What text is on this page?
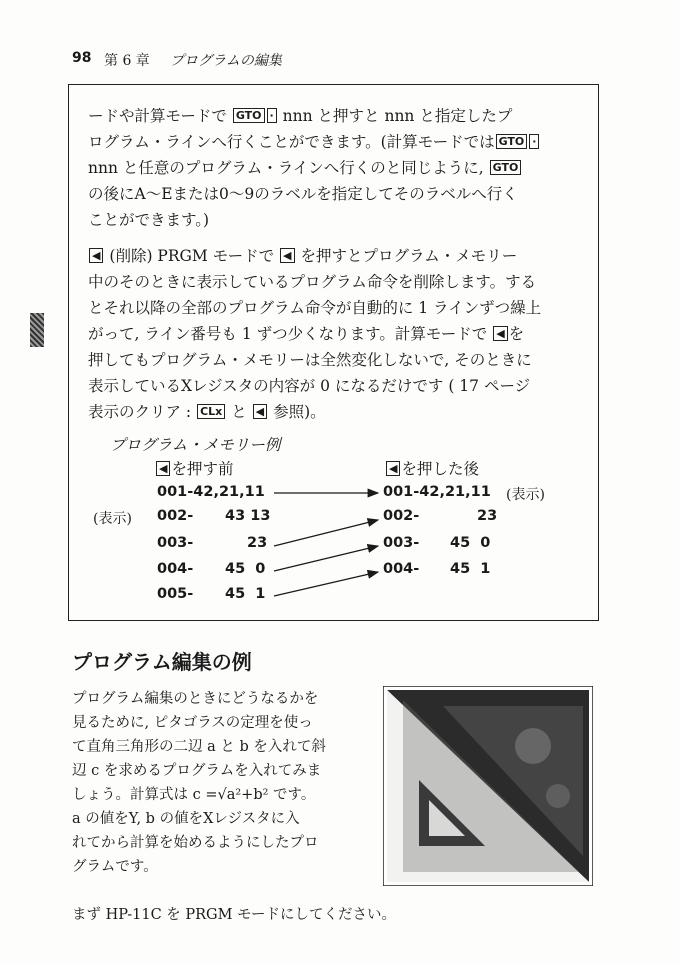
98 第 6 章 プログラムの編集
ードや計算モードで GTO · nnn と押すと nnn と指定したプ
ログラム・ラインへ行くことができます。(計算モードでは GTO ·
nnn と任意のプログラム・ラインへ行くのと同じように, GTO
の後にA〜Eまたは0〜9のラベルを指定してそのラベルへ行く
ことができます。)
◀ (削除) PRGM モードで ◀ を押すとプログラム・メモリー
中のそのときに表示しているプログラム命令を削除します。する
とそれ以降の全部のプログラム命令が自動的に 1 ラインずつ繰上
がって, ライン番号も 1 ずつ少くなります。計算モードで ◀ を
押してもプログラム・メモリーは全然変化しないで, そのときに
表示しているXレジスタの内容が 0 になるだけです ( 17 ページ
表示のクリア : CLx と ◀ 参照)。
プログラム・メモリー例
◀ を押す前	◀ を押した後
001-42,21,11
002- 43 13
003-	23
004- 45  0
005- 45  1
(表示)
(表示)
001-42,21,11
002-	23
003- 45  0
004- 45  1
プログラム編集の例
プログラム編集のときにどうなるかを
見るために, ピタゴラスの定理を使っ
て直角三角形の二辺 a と b を入れて斜
辺 c を求めるプログラムを入れてみま
しょう。計算式は c =√a²+b² です。
a の値をY, b の値をXレジスタに入
れてから計算を始めるようにしたプロ
グラムです。
まず HP-11C を PRGM モードにしてください。
